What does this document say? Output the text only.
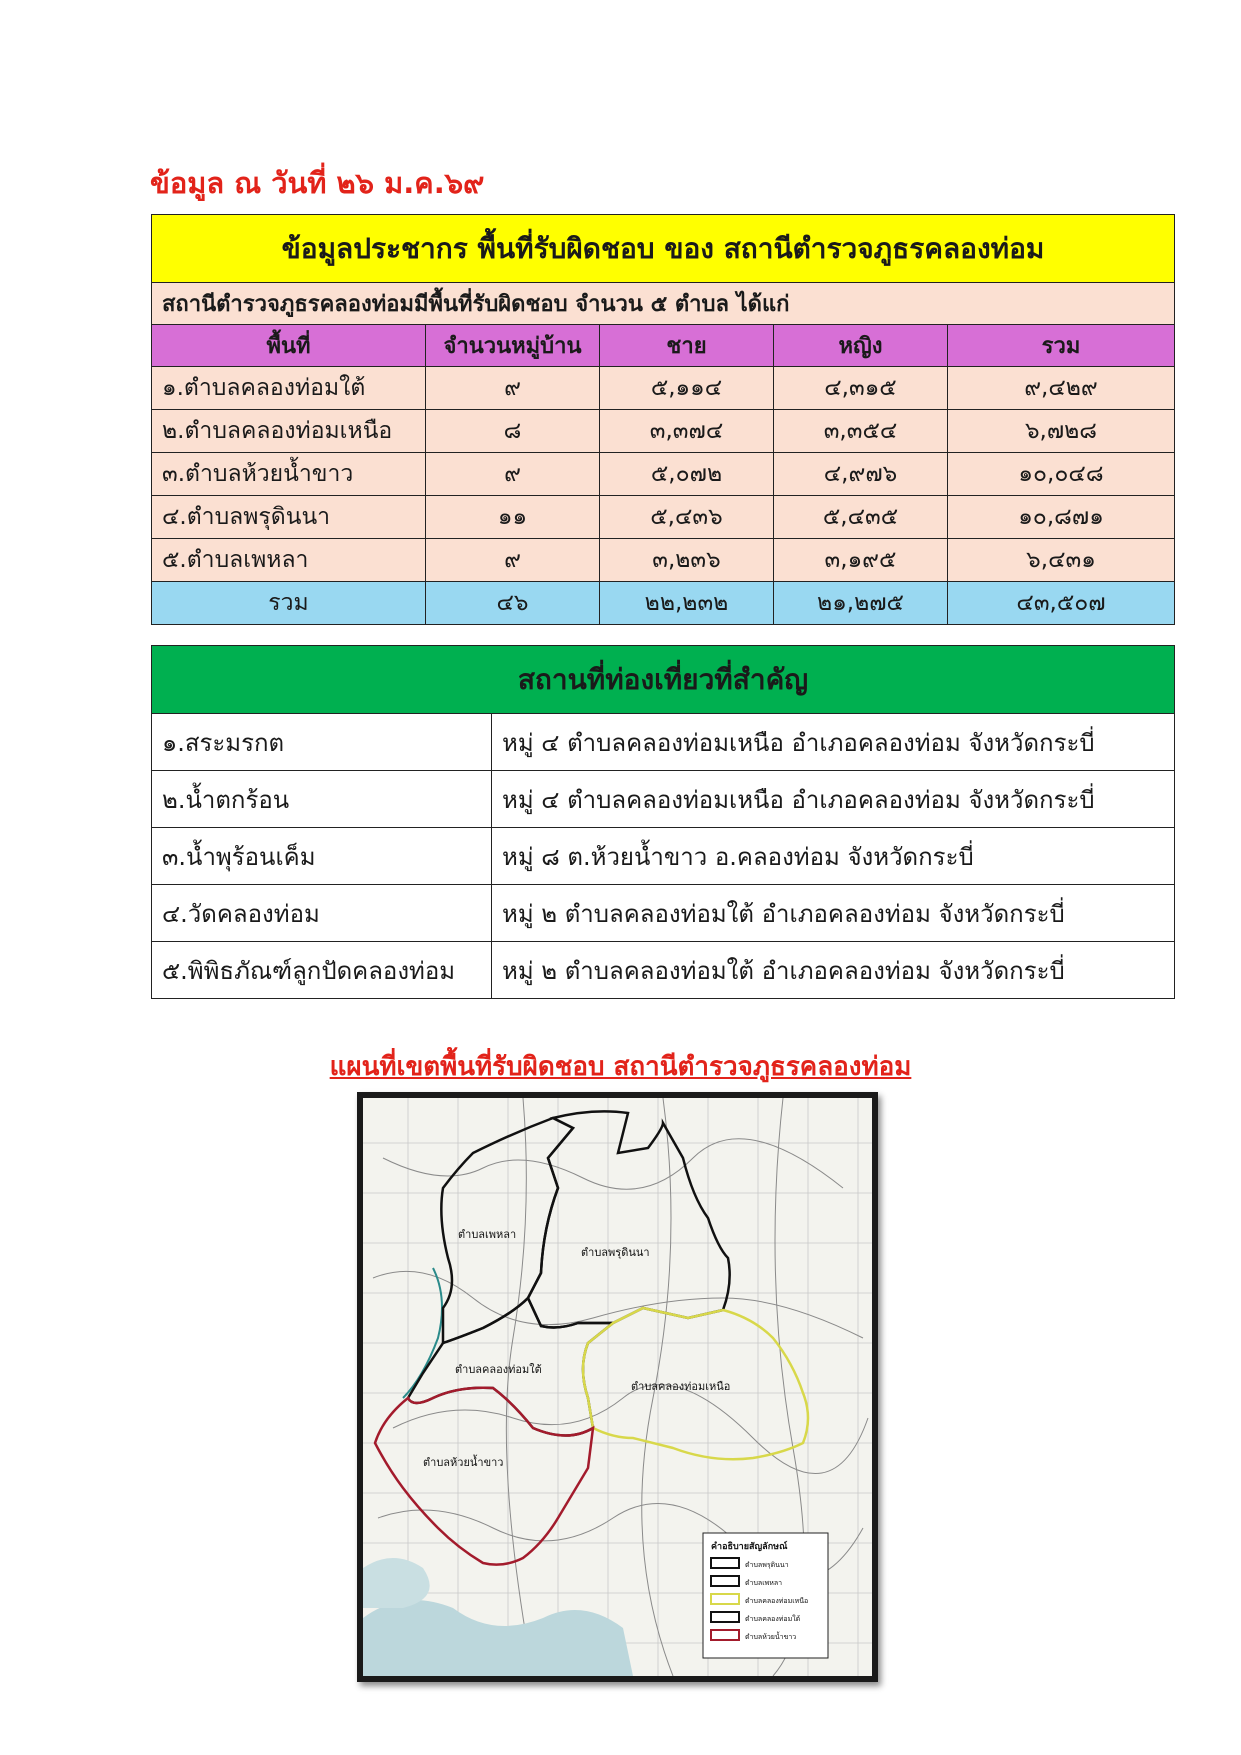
ข้อมูล ณ วันที่ ๒๖ ม.ค.๖๙
ข้อมูลประชากร พื้นที่รับผิดชอบ ของ สถานีตำรวจภูธรคลองท่อม				
สถานีตำรวจภูธรคลองท่อมมีพื้นที่รับผิดชอบ จำนวน ๕ ตำบล ได้แก่				
พื้นที่	จำนวนหมู่บ้าน	ชาย	หญิง	รวม
๑.ตำบลคลองท่อมใต้	๙	๕,๑๑๔	๔,๓๑๕	๙,๔๒๙
๒.ตำบลคลองท่อมเหนือ	๘	๓,๓๗๔	๓,๓๕๔	๖,๗๒๘
๓.ตำบลห้วยน้ำขาว	๙	๕,๐๗๒	๔,๙๗๖	๑๐,๐๔๘
๔.ตำบลพรุดินนา	๑๑	๕,๔๓๖	๕,๔๓๕	๑๐,๘๗๑
๕.ตำบลเพหลา	๙	๓,๒๓๖	๓,๑๙๕	๖,๔๓๑
รวม	๔๖	๒๒,๒๓๒	๒๑,๒๗๕	๔๓,๕๐๗
สถานที่ท่องเที่ยวที่สำคัญ	
๑.สระมรกต	หมู่ ๔ ตำบลคลองท่อมเหนือ อำเภอคลองท่อม จังหวัดกระบี่
๒.น้ำตกร้อน	หมู่ ๔ ตำบลคลองท่อมเหนือ อำเภอคลองท่อม จังหวัดกระบี่
๓.น้ำพุร้อนเค็ม	หมู่ ๘ ต.ห้วยน้ำขาว อ.คลองท่อม จังหวัดกระบี่
๔.วัดคลองท่อม	หมู่ ๒ ตำบลคลองท่อมใต้ อำเภอคลองท่อม จังหวัดกระบี่
๕.พิพิธภัณฑ์ลูกปัดคลองท่อม	หมู่ ๒ ตำบลคลองท่อมใต้ อำเภอคลองท่อม จังหวัดกระบี่
แผนที่เขตพื้นที่รับผิดชอบ สถานีตำรวจภูธรคลองท่อม
ตำบลเพหลา
ตำบลพรุดินนา
ตำบลคลองท่อมใต้
ตำบลคลองท่อมเหนือ
ตำบลห้วยน้ำขาว
คำอธิบายสัญลักษณ์
ตำบลพรุดินนา
ตำบลเพหลา
ตำบลคลองท่อมเหนือ
ตำบลคลองท่อมใต้
ตำบลห้วยน้ำขาว
